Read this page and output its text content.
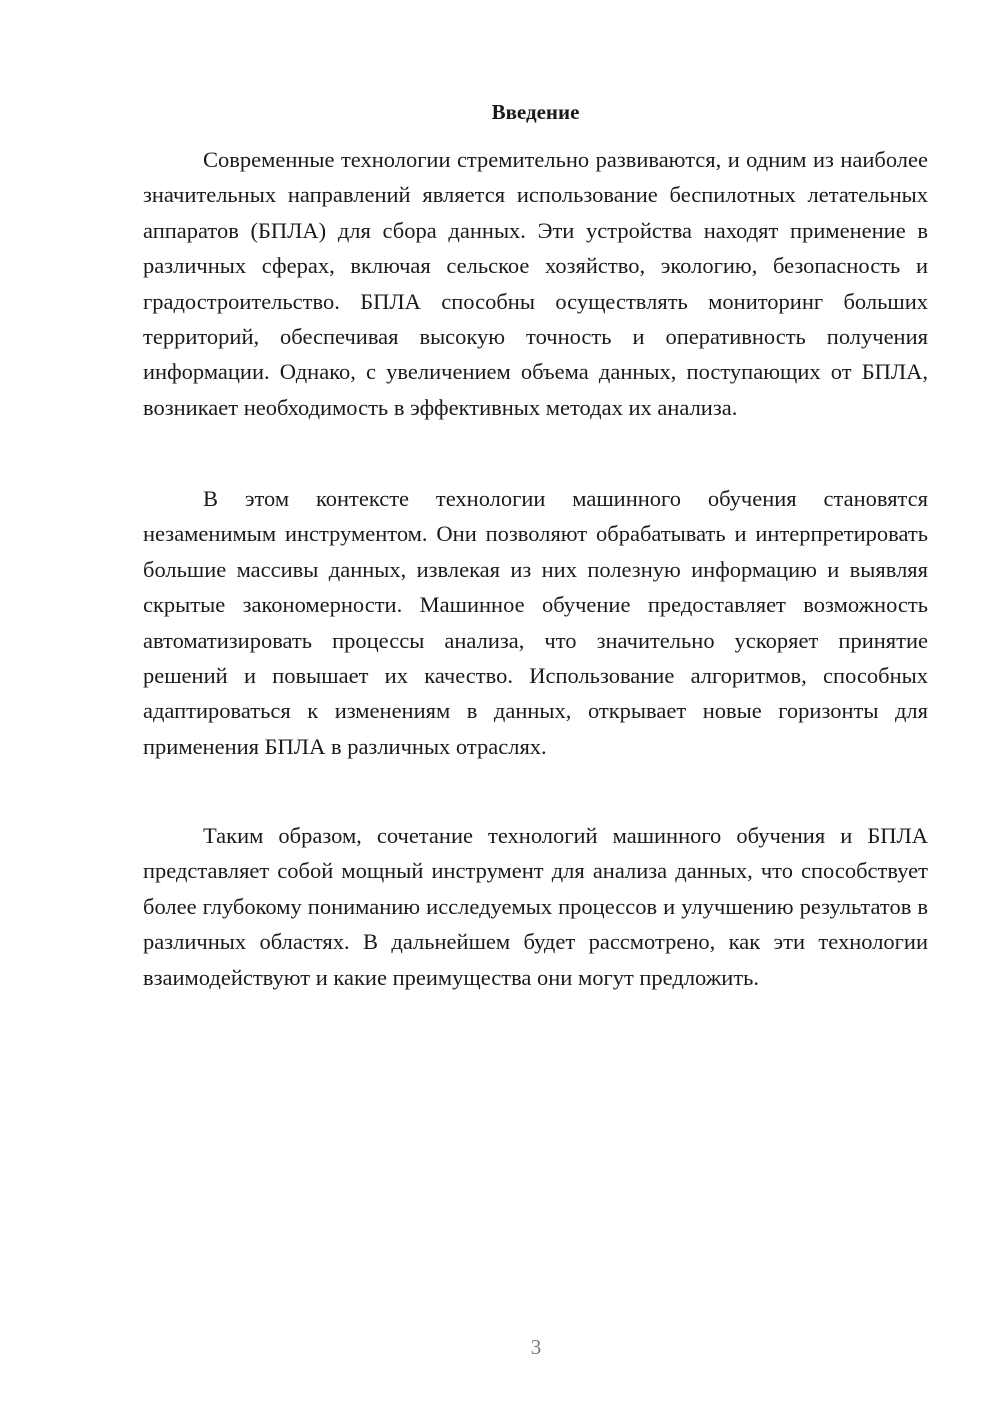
Введение

Современные технологии стремительно развиваются, и одним из наиболее значительных направлений является использование беспилотных летательных аппаратов (БПЛА) для сбора данных. Эти устройства находят применение в различных сферах, включая сельское хозяйство, экологию, безопасность и градостроительство. БПЛА способны осуществлять мониторинг больших территорий, обеспечивая высокую точность и оперативность получения информации. Однако, с увеличением объема данных, поступающих от БПЛА, возникает необходимость в эффективных методах их анализа.

В этом контексте технологии машинного обучения становятся незаменимым инструментом. Они позволяют обрабатывать и интерпретировать большие массивы данных, извлекая из них полезную информацию и выявляя скрытые закономерности. Машинное обучение предоставляет возможность автоматизировать процессы анализа, что значительно ускоряет принятие решений и повышает их качество. Использование алгоритмов, способных адаптироваться к изменениям в данных, открывает новые горизонты для применения БПЛА в различных отраслях.

Таким образом, сочетание технологий машинного обучения и БПЛА представляет собой мощный инструмент для анализа данных, что способствует более глубокому пониманию исследуемых процессов и улучшению результатов в различных областях. В дальнейшем будет рассмотрено, как эти технологии взаимодействуют и какие преимущества они могут предложить.

3
